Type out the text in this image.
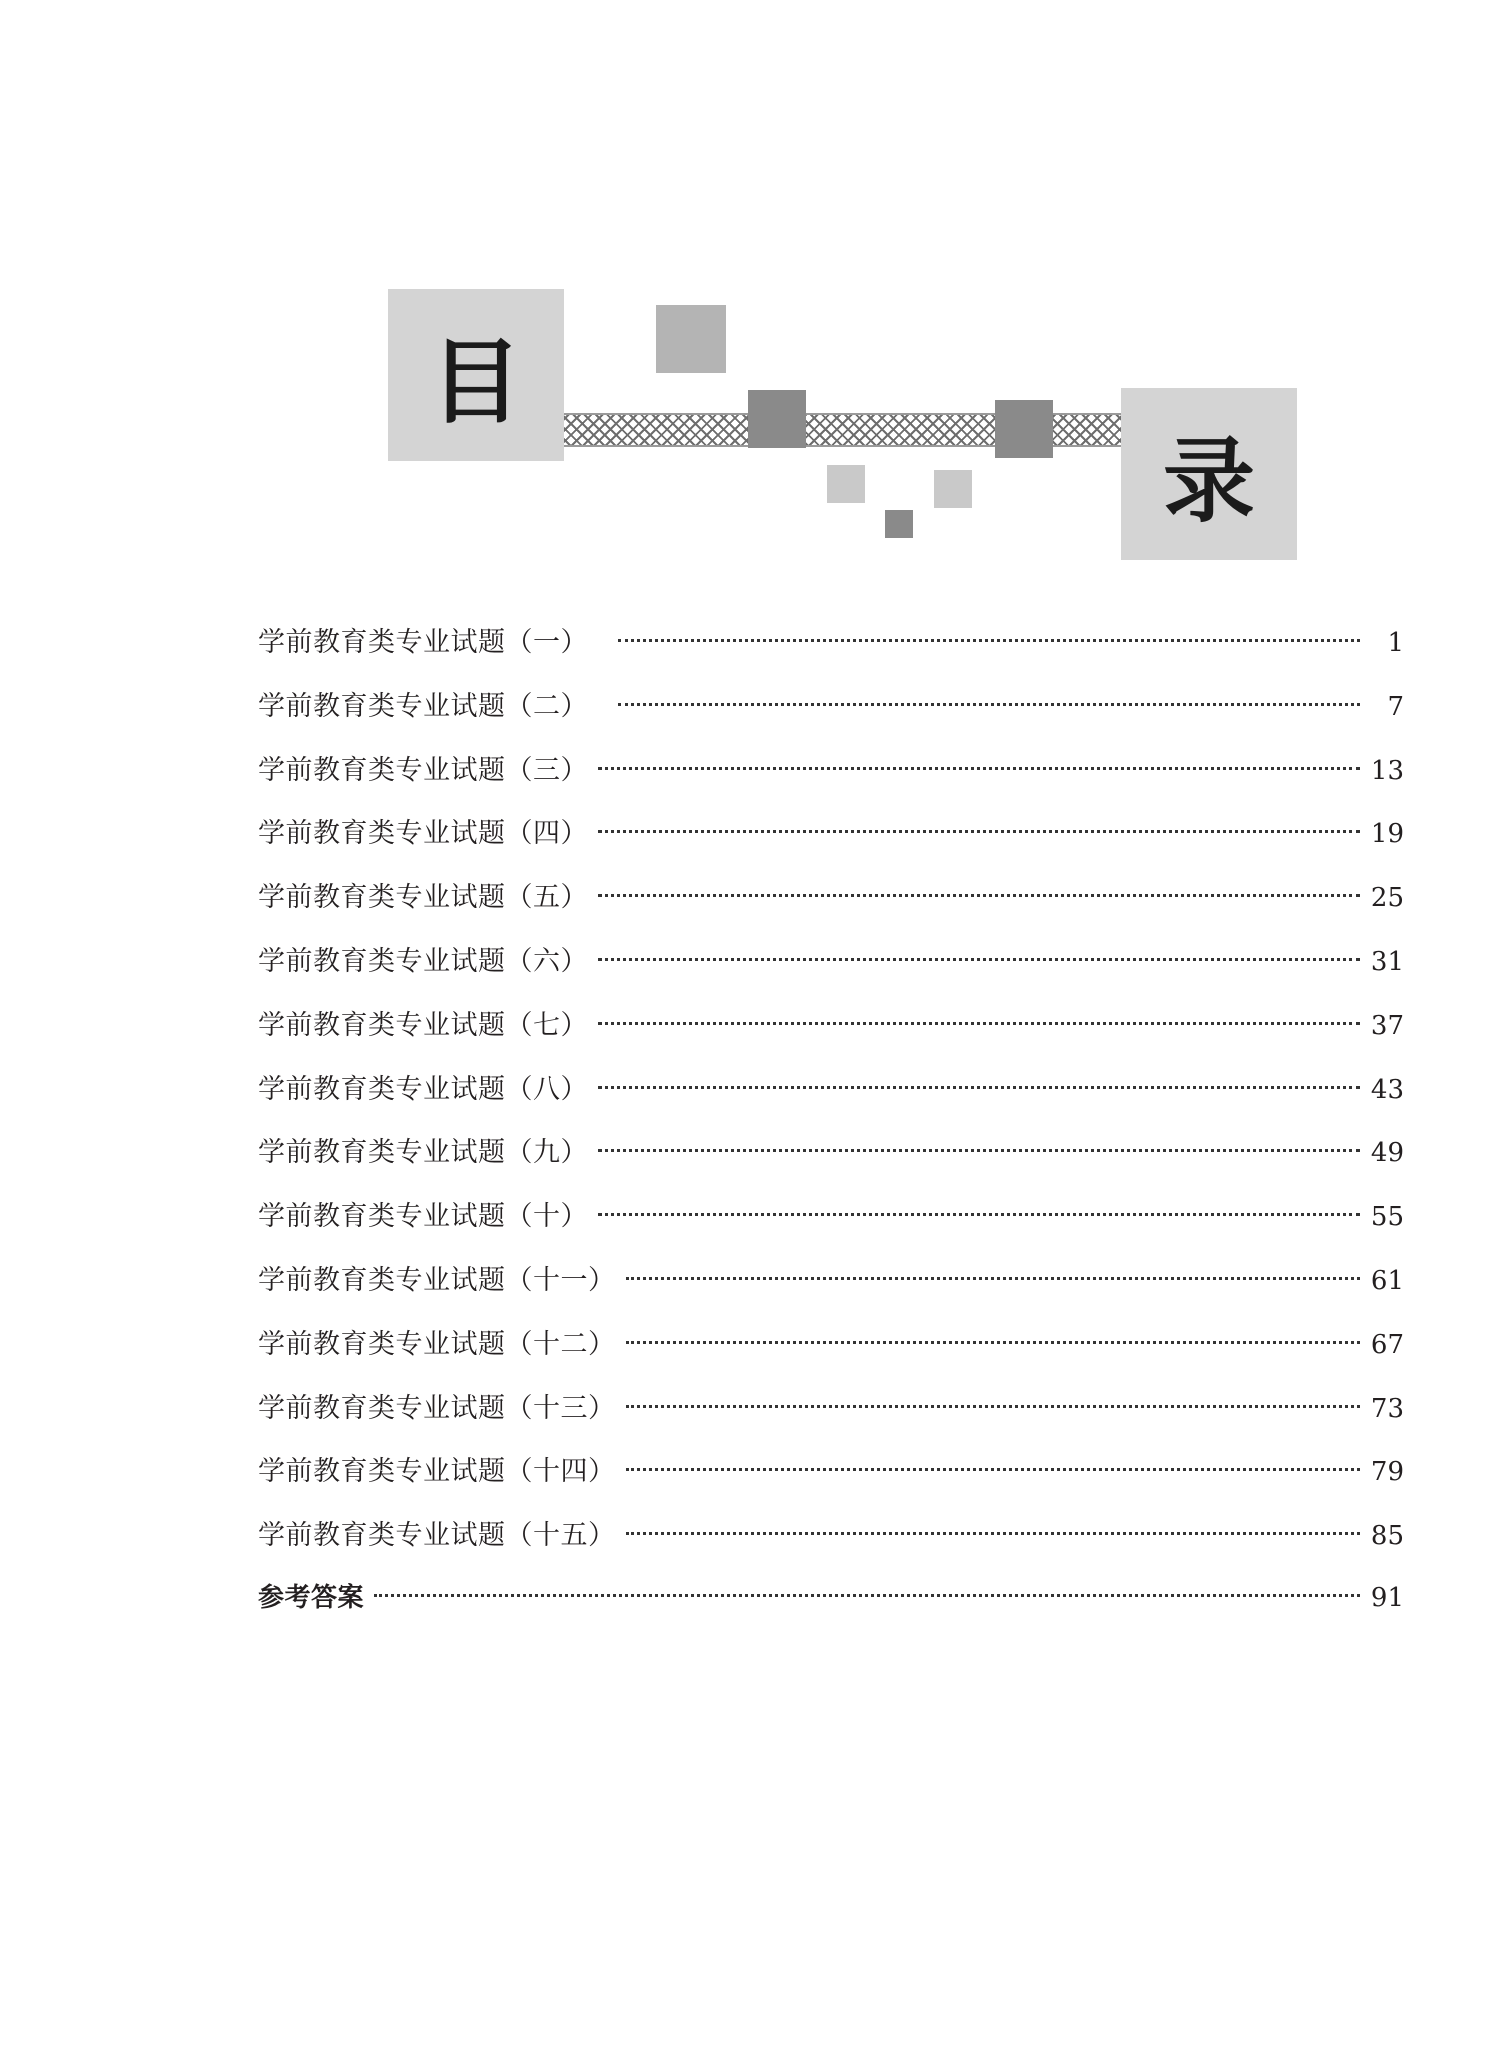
目
录
学前教育类专业试题（一）	1
学前教育类专业试题（二）	7
学前教育类专业试题（三）	13
学前教育类专业试题（四）	19
学前教育类专业试题（五）	25
学前教育类专业试题（六）	31
学前教育类专业试题（七）	37
学前教育类专业试题（八）	43
学前教育类专业试题（九）	49
学前教育类专业试题（十）	55
学前教育类专业试题（十一）	61
学前教育类专业试题（十二）	67
学前教育类专业试题（十三）	73
学前教育类专业试题（十四）	79
学前教育类专业试题（十五）	85
参考答案	91
